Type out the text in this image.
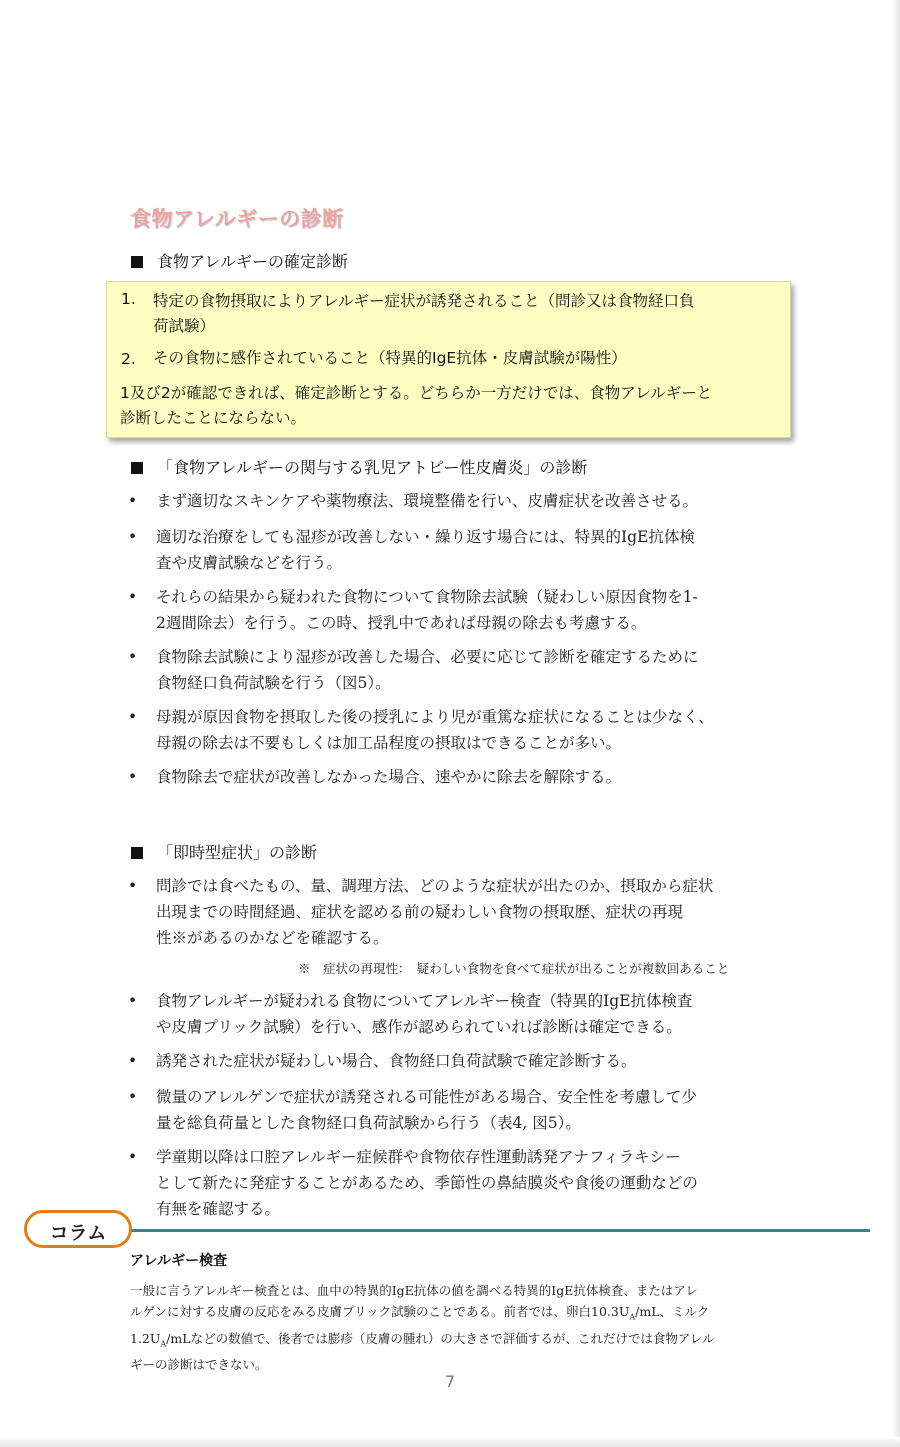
食物アレルギーの診断
食物アレルギーの確定診断
1. 特定の食物摂取によりアレルギー症状が誘発されること（問診又は食物経口負
荷試験）
2. その食物に感作されていること（特異的IgE抗体・皮膚試験が陽性）
1及び2が確認できれば、確定診断とする。どちらか一方だけでは、食物アレルギーと
診断したことにならない。
「食物アレルギーの関与する乳児アトピー性皮膚炎」の診断
• まず適切なスキンケアや薬物療法、環境整備を行い、皮膚症状を改善させる。
• 適切な治療をしても湿疹が改善しない・繰り返す場合には、特異的IgE抗体検
査や皮膚試験などを行う。
• それらの結果から疑われた食物について食物除去試験（疑わしい原因食物を1-
2週間除去）を行う。この時、授乳中であれば母親の除去も考慮する。
• 食物除去試験により湿疹が改善した場合、必要に応じて診断を確定するために
食物経口負荷試験を行う（図5）。
• 母親が原因食物を摂取した後の授乳により児が重篤な症状になることは少なく、
母親の除去は不要もしくは加工品程度の摂取はできることが多い。
• 食物除去で症状が改善しなかった場合、速やかに除去を解除する。
「即時型症状」の診断
• 問診では食べたもの、量、調理方法、どのような症状が出たのか、摂取から症状
出現までの時間経過、症状を認める前の疑わしい食物の摂取歴、症状の再現
性※があるのかなどを確認する。
※　症状の再現性：　疑わしい食物を食べて症状が出ることが複数回あること
• 食物アレルギーが疑われる食物についてアレルギー検査（特異的IgE抗体検査
や皮膚プリック試験）を行い、感作が認められていれば診断は確定できる。
• 誘発された症状が疑わしい場合、食物経口負荷試験で確定診断する。
• 微量のアレルゲンで症状が誘発される可能性がある場合、安全性を考慮して少
量を総負荷量とした食物経口負荷試験から行う（表4, 図5）。
• 学童期以降は口腔アレルギー症候群や食物依存性運動誘発アナフィラキシー
として新たに発症することがあるため、季節性の鼻結膜炎や食後の運動などの
有無を確認する。
コラム
アレルギー検査
一般に言うアレルギー検査とは、血中の特異的IgE抗体の値を調べる特異的IgE抗体検査、またはアレ
ルゲンに対する皮膚の反応をみる皮膚プリック試験のことである。前者では、卵白$10.3U_A/mL$、ミルク
$1.2U_A/mL$などの数値で、後者では膨疹（皮膚の腫れ）の大きさで評価するが、これだけでは食物アレル
ギーの診断はできない。
7
